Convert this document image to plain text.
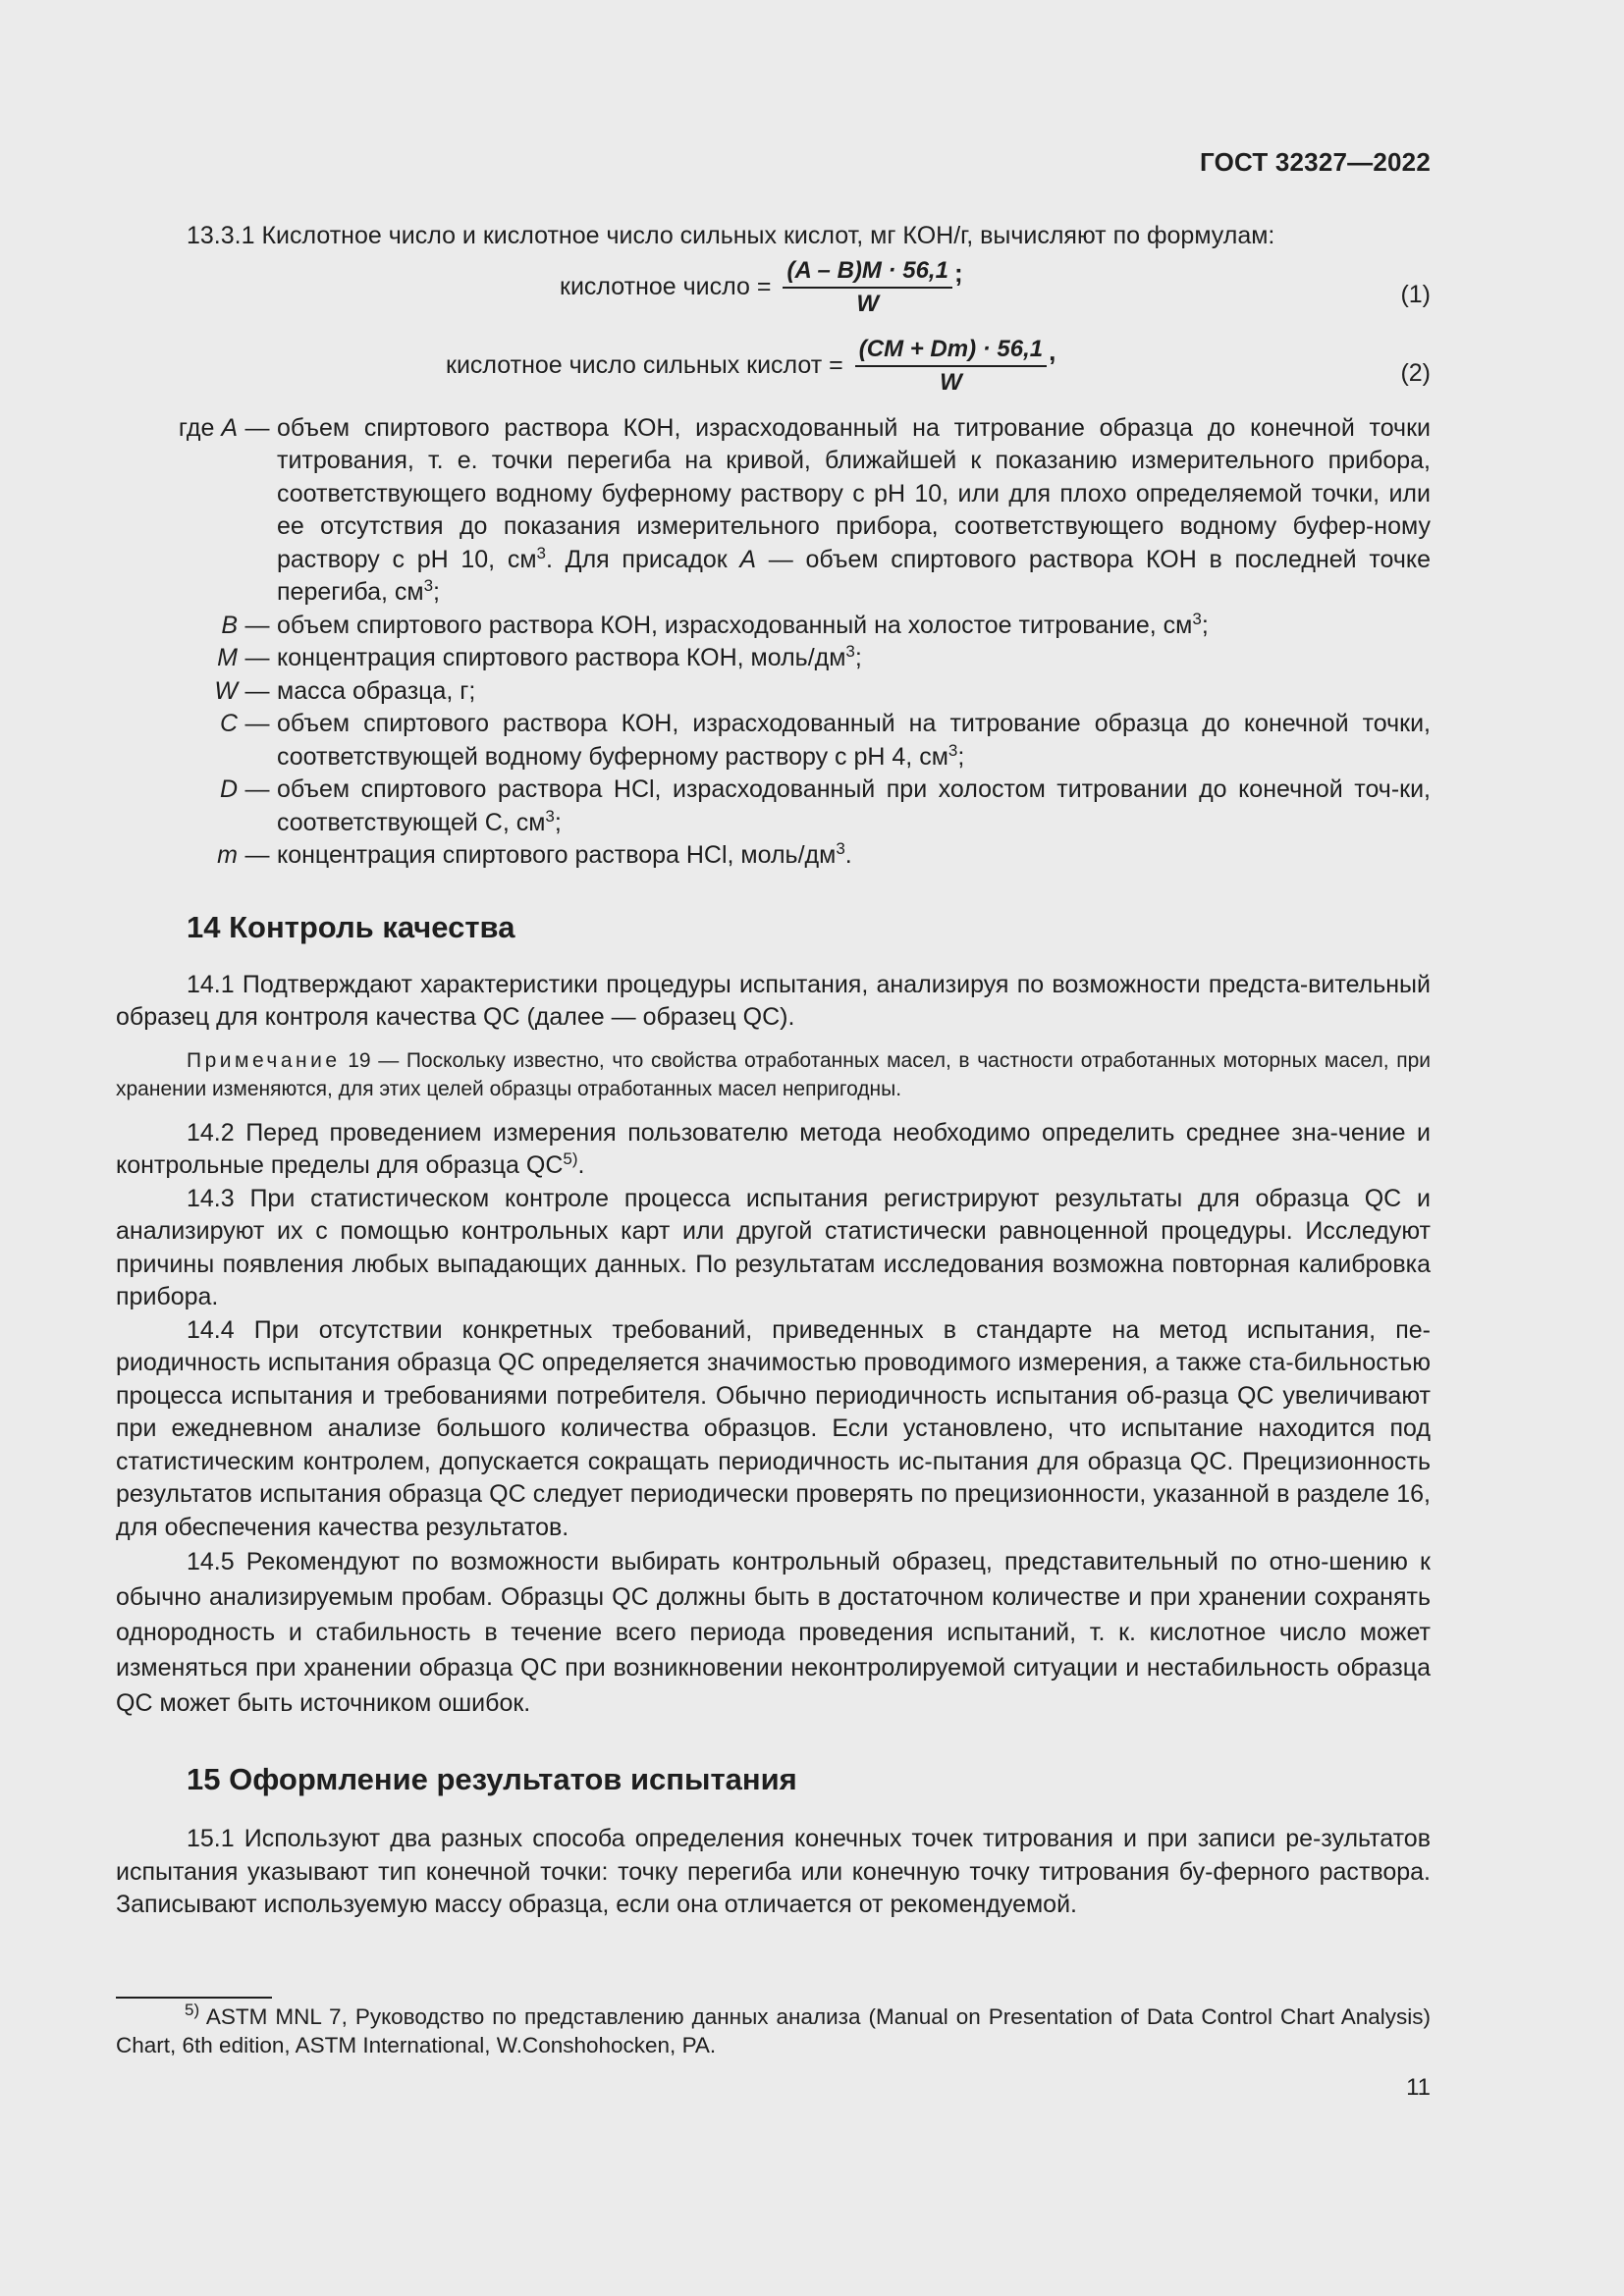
ГОСТ 32327—2022

13.3.1 Кислотное число и кислотное число сильных кислот, мг КОН/г, вычисляют по формулам:

кислотное число = $\frac{(A - B)M \cdot 56,1}{W}$ ;
(1)
кислотное число сильных кислот = $\frac{(CM + Dm) \cdot 56,1}{W}$ ,
(2)
где A — объем спиртового раствора КОН, израсходованный на титрование образца до конечной точки титрования, т. е. точки перегиба на кривой, ближайшей к показанию измерительного прибора, соответствующего водному буферному раствору с рН 10, или для плохо определяемой точки, или ее отсутствия до показания измерительного прибора, соответствующего водному буфер-ному раствору с рН 10, $см^3$. Для присадок A — объем спиртового раствора КОН в последней точке перегиба, $см^3$;
B — объем спиртового раствора КОН, израсходованный на холостое титрование, $см^3$;
M — концентрация спиртового раствора КОН, моль/$дм^3$;
W — масса образца, г;
C — объем спиртового раствора КОН, израсходованный на титрование образца до конечной точки, соответствующей водному буферному раствору с рН 4, $см^3$;
D — объем спиртового раствора HCl, израсходованный при холостом титровании до конечной точ-ки, соответствующей С, $см^3$;
m — концентрация спиртового раствора HCl, моль/$дм^3$.
14 Контроль качества

14.1 Подтверждают характеристики процедуры испытания, анализируя по возможности предста-вительный образец для контроля качества QC (далее — образец QC).

Примечание 19 — Поскольку известно, что свойства отработанных масел, в частности отработанных моторных масел, при хранении изменяются, для этих целей образцы отработанных масел непригодны.

14.2 Перед проведением измерения пользователю метода необходимо определить среднее зна-чение и контрольные пределы для образца QC$^{5)}$.

14.3 При статистическом контроле процесса испытания регистрируют результаты для образца QC и анализируют их с помощью контрольных карт или другой статистически равноценной процедуры. Исследуют причины появления любых выпадающих данных. По результатам исследования возможна повторная калибровка прибора.

14.4 При отсутствии конкретных требований, приведенных в стандарте на метод испытания, пе-риодичность испытания образца QC определяется значимостью проводимого измерения, а также ста-бильностью процесса испытания и требованиями потребителя. Обычно периодичность испытания об-разца QC увеличивают при ежедневном анализе большого количества образцов. Если установлено, что испытание находится под статистическим контролем, допускается сокращать периодичность ис-пытания для образца QC. Прецизионность результатов испытания образца QC следует периодически проверять по прецизионности, указанной в разделе 16, для обеспечения качества результатов.

14.5 Рекомендуют по возможности выбирать контрольный образец, представительный по отно-шению к обычно анализируемым пробам. Образцы QC должны быть в достаточном количестве и при хранении сохранять однородность и стабильность в течение всего периода проведения испытаний, т. к. кислотное число может изменяться при хранении образца QC при возникновении неконтролируемой ситуации и нестабильность образца QC может быть источником ошибок.

15 Оформление результатов испытания

15.1 Используют два разных способа определения конечных точек титрования и при записи ре-зультатов испытания указывают тип конечной точки: точку перегиба или конечную точку титрования бу-ферного раствора. Записывают используемую массу образца, если она отличается от рекомендуемой.

$^{5)}$ ASTM MNL 7, Руководство по представлению данных анализа (Manual on Presentation of Data Control Chart Analysis) Chart, 6th edition, ASTM International, W.Conshohocken, PA.
11
